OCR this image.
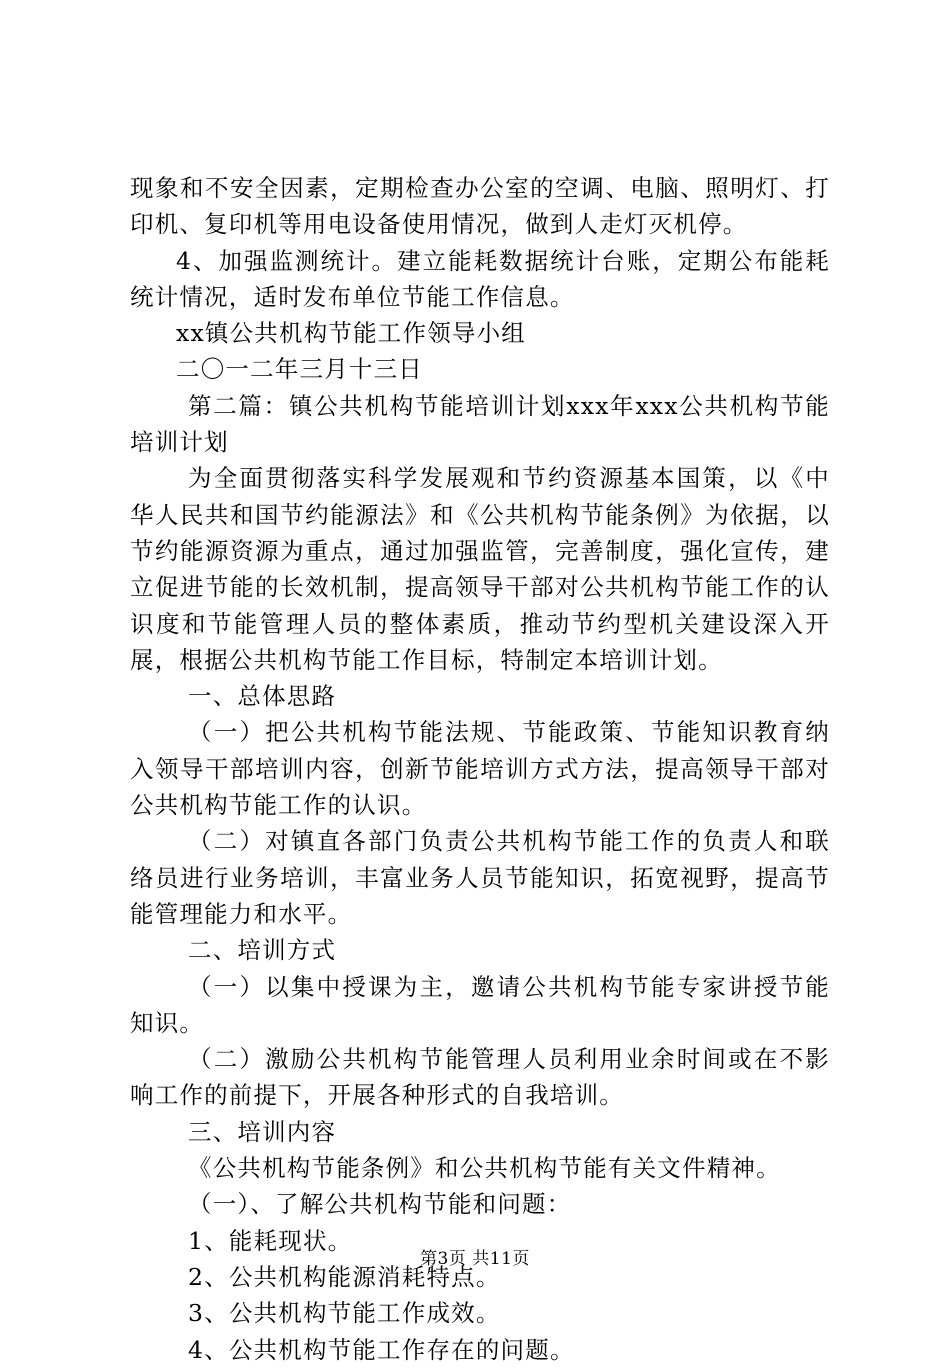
现象和不安全因素，定期检查办公室的空调、电脑、照明灯、打印机、复印机等用电设备使用情况，做到人走灯灭机停。

4、加强监测统计。建立能耗数据统计台账，定期公布能耗统计情况，适时发布单位节能工作信息。

xx镇公共机构节能工作领导小组

二〇一二年三月十三日

第二篇：镇公共机构节能培训计划xxx年xxx公共机构节能培训计划

为全面贯彻落实科学发展观和节约资源基本国策，以《中华人民共和国节约能源法》和《公共机构节能条例》为依据，以节约能源资源为重点，通过加强监管，完善制度，强化宣传，建立促进节能的长效机制，提高领导干部对公共机构节能工作的认识度和节能管理人员的整体素质，推动节约型机关建设深入开展，根据公共机构节能工作目标，特制定本培训计划。

一、总体思路

（一）把公共机构节能法规、节能政策、节能知识教育纳入领导干部培训内容，创新节能培训方式方法，提高领导干部对公共机构节能工作的认识。

（二）对镇直各部门负责公共机构节能工作的负责人和联络员进行业务培训，丰富业务人员节能知识，拓宽视野，提高节能管理能力和水平。

二、培训方式

（一）以集中授课为主，邀请公共机构节能专家讲授节能知识。

（二）激励公共机构节能管理人员利用业余时间或在不影响工作的前提下，开展各种形式的自我培训。

三、培训内容

《公共机构节能条例》和公共机构节能有关文件精神。

（一）、了解公共机构节能和问题：

1、能耗现状。

2、公共机构能源消耗特点。

3、公共机构节能工作成效。

4、公共机构节能工作存在的问题。

第3页 共11页
